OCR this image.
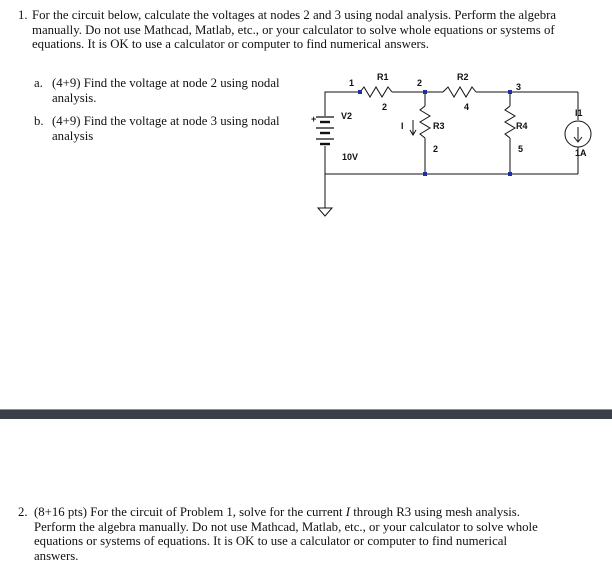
1. For the circuit below, calculate the voltages at nodes 2 and 3 using nodal analysis. Perform the algebra manually. Do not use Mathcad, Matlab, etc., or your calculator to solve whole equations or systems of equations. It is OK to use a calculator or computer to find numerical answers.
a. (4+9) Find the voltage at node 2 using nodal analysis.
b. (4+9) Find the voltage at node 3 using nodal analysis
+
1	2	3
R1
2
R2
4
V2
10V
I	R3
2
R4
5
I1
1A
2. (8+16 pts) For the circuit of Problem 1, solve for the current I through R3 using mesh analysis. Perform the algebra manually. Do not use Mathcad, Matlab, etc., or your calculator to solve whole equations or systems of equations. It is OK to use a calculator or computer to find numerical answers.
